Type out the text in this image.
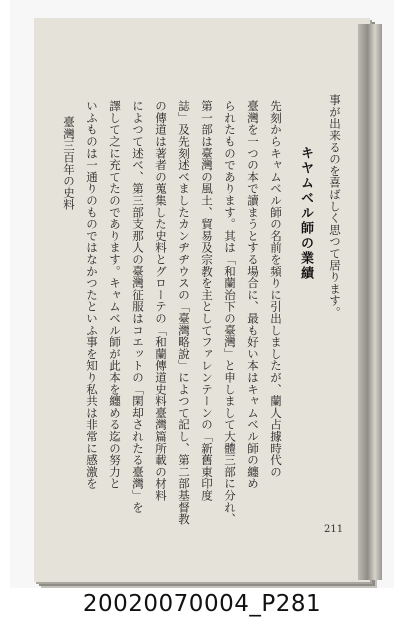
事が出来るのを喜ばしく思つて居ります。
キヤムベル師の業績
先刻からキャムベル師の名前を頻りに引出しましたが、蘭人占據時代の
臺灣を一つの本で讀まうとする場合に、最も好い本はキャムベル師の纏め
られたものであります。其は「和蘭治下の臺灣」と申しまして大體三部に分れ、
第一部は臺灣の風土、貿易及宗教を主としてファレンテーンの「新舊東印度
誌」及先刻述べましたカンヂヂウスの「臺灣略說」によつて記し、第二部基督教
の傳道は著者の蒐集した史料とグローテの「和蘭傳道史料臺灣篇所載の材料
によつて述べ、第三部支那人の臺灣征服はコエットの「閑却されたる臺灣」を
譯して之に充てたのであります。キャムベル師が此本を纏める迄の努力と
いふものは一通りのものではなかつたといふ事を知り私共は非常に感激を
臺灣三百年の史料
211
20020070004_P281
